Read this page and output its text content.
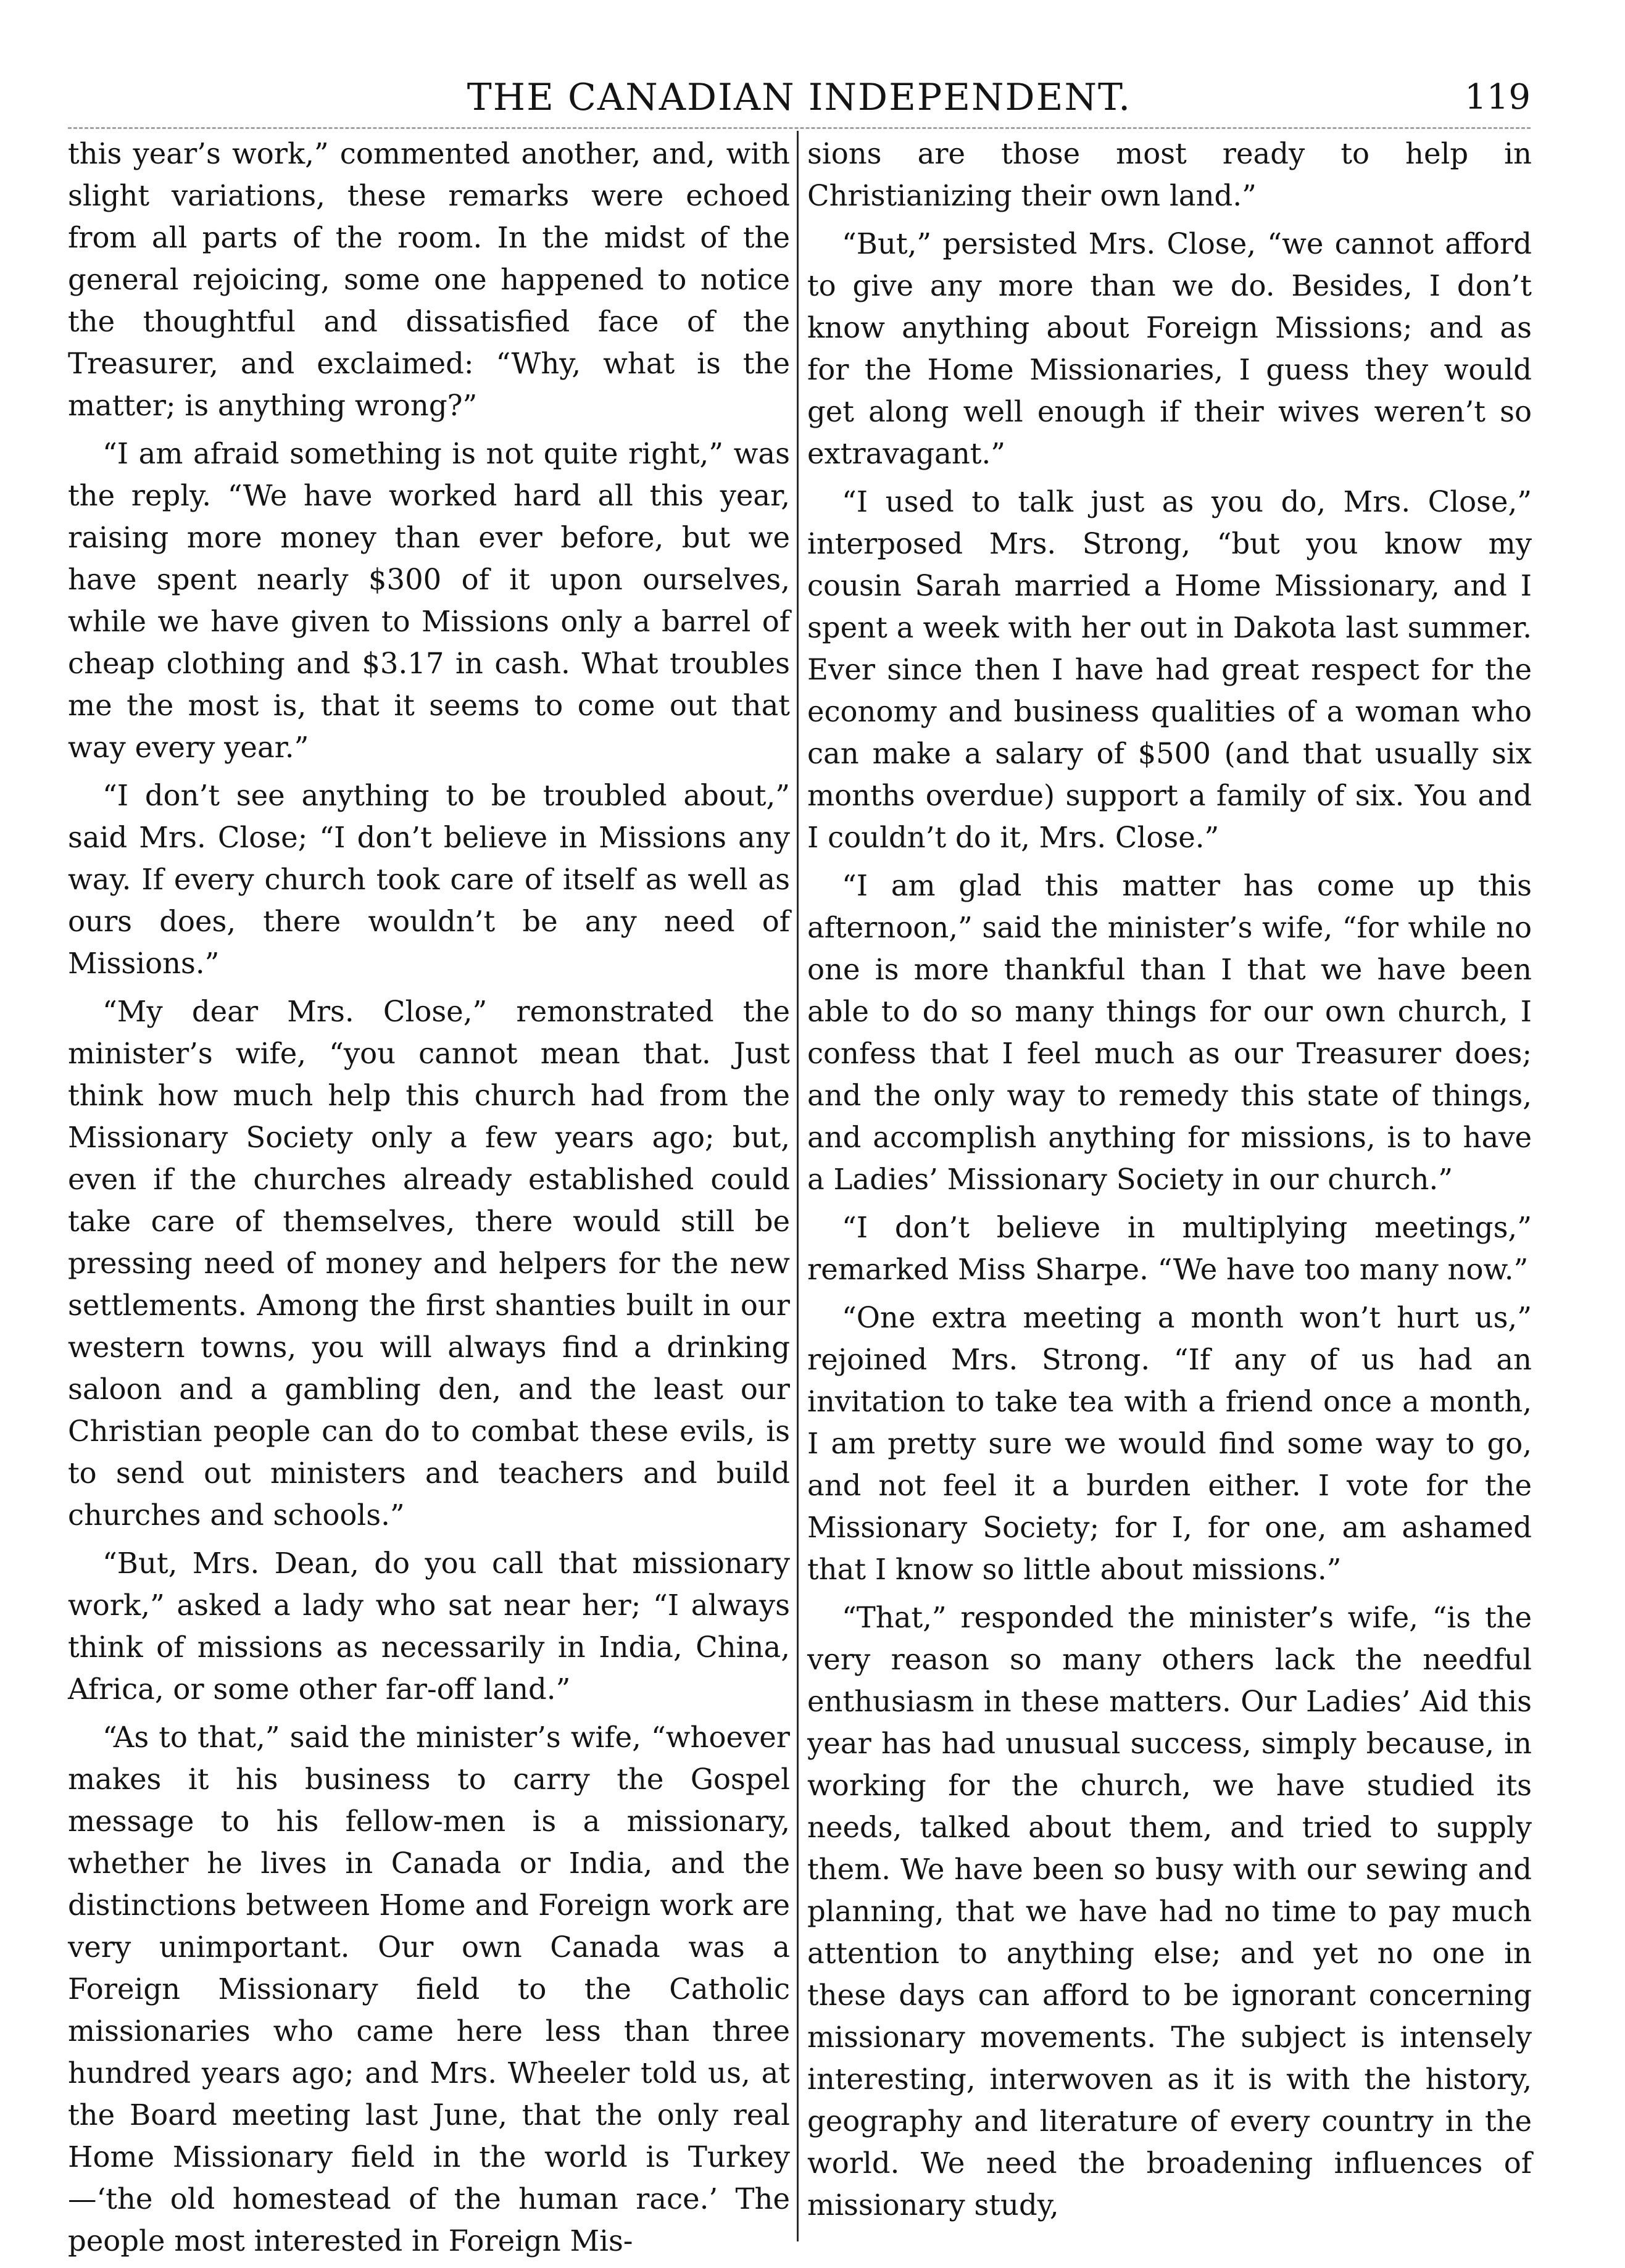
THE CANADIAN INDEPENDENT.	119

this year’s work,” commented another, and, with slight variations, these remarks were echoed from all parts of the room. In the midst of the general rejoicing, some one happened to notice the thoughtful and dissatisfied face of the Treasurer, and exclaimed: “Why, what is the matter; is anything wrong?”

“I am afraid something is not quite right,” was the reply. “We have worked hard all this year, raising more money than ever before, but we have spent nearly $300 of it upon ourselves, while we have given to Missions only a barrel of cheap clothing and $3.17 in cash. What troubles me the most is, that it seems to come out that way every year.”

“I don’t see anything to be troubled about,” said Mrs. Close; “I don’t believe in Missions any way. If every church took care of itself as well as ours does, there wouldn’t be any need of Missions.”

“My dear Mrs. Close,” remonstrated the minister’s wife, “you cannot mean that. Just think how much help this church had from the Missionary Society only a few years ago; but, even if the churches already established could take care of themselves, there would still be pressing need of money and helpers for the new settlements. Among the first shanties built in our western towns, you will always find a drinking saloon and a gambling den, and the least our Christian people can do to combat these evils, is to send out ministers and teachers and build churches and schools.”

“But, Mrs. Dean, do you call that missionary work,” asked a lady who sat near her; “I always think of missions as necessarily in India, China, Africa, or some other far-off land.”

“As to that,” said the minister’s wife, “whoever makes it his business to carry the Gospel message to his fellow-men is a missionary, whether he lives in Canada or India, and the distinctions between Home and Foreign work are very unimportant. Our own Canada was a Foreign Missionary field to the Catholic missionaries who came here less than three hundred years ago; and Mrs. Wheeler told us, at the Board meeting last June, that the only real Home Missionary field in the world is Turkey—‘the old homestead of the human race.’ The people most interested in Foreign Mis-

sions are those most ready to help in Christianizing their own land.”

“But,” persisted Mrs. Close, “we cannot afford to give any more than we do. Besides, I don’t know anything about Foreign Missions; and as for the Home Missionaries, I guess they would get along well enough if their wives weren’t so extravagant.”

“I used to talk just as you do, Mrs. Close,” interposed Mrs. Strong, “but you know my cousin Sarah married a Home Missionary, and I spent a week with her out in Dakota last summer. Ever since then I have had great respect for the economy and business qualities of a woman who can make a salary of $500 (and that usually six months overdue) support a family of six. You and I couldn’t do it, Mrs. Close.”

“I am glad this matter has come up this afternoon,” said the minister’s wife, “for while no one is more thankful than I that we have been able to do so many things for our own church, I confess that I feel much as our Treasurer does; and the only way to remedy this state of things, and accomplish anything for missions, is to have a Ladies’ Missionary Society in our church.”

“I don’t believe in multiplying meetings,” remarked Miss Sharpe. “We have too many now.”

“One extra meeting a month won’t hurt us,” rejoined Mrs. Strong. “If any of us had an invitation to take tea with a friend once a month, I am pretty sure we would find some way to go, and not feel it a burden either. I vote for the Missionary Society; for I, for one, am ashamed that I know so little about missions.”

“That,” responded the minister’s wife, “is the very reason so many others lack the needful enthusiasm in these matters. Our Ladies’ Aid this year has had unusual success, simply because, in working for the church, we have studied its needs, talked about them, and tried to supply them. We have been so busy with our sewing and planning, that we have had no time to pay much attention to anything else; and yet no one in these days can afford to be ignorant concerning missionary movements. The subject is intensely interesting, interwoven as it is with the history, geography and literature of every country in the world. We need the broadening influences of missionary study,
